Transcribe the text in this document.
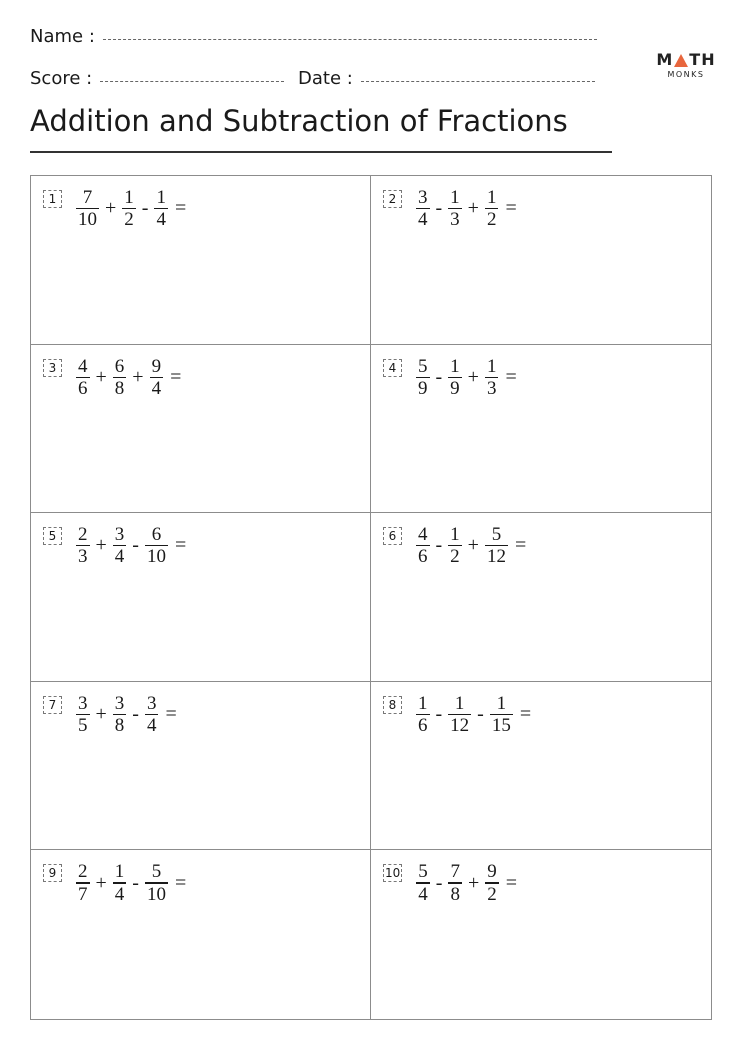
Name :
Score :	Date :
M TH
MONKS
Addition and Subtraction of Fractions
$1 \frac{7}{10} + \frac{1}{2} - \frac{1}{4}$ =	$2 \frac{3}{4} - \frac{1}{3} + \frac{1}{2}$ =
$3 \frac{4}{6} + \frac{6}{8} + \frac{9}{4}$ =	$4 \frac{5}{9} - \frac{1}{9} + \frac{1}{3}$ =
$5 \frac{2}{3} + \frac{3}{4} - \frac{6}{10}$ =	$6 \frac{4}{6} - \frac{1}{2} + \frac{5}{12}$ =
$7 \frac{3}{5} + \frac{3}{8} - \frac{3}{4}$ =	$8 \frac{1}{6} - \frac{1}{12} - \frac{1}{15}$ =
$9 \frac{2}{7} + \frac{1}{4} - \frac{5}{10}$ =	$10 \frac{5}{4} - \frac{7}{8} + \frac{9}{2}$ =
